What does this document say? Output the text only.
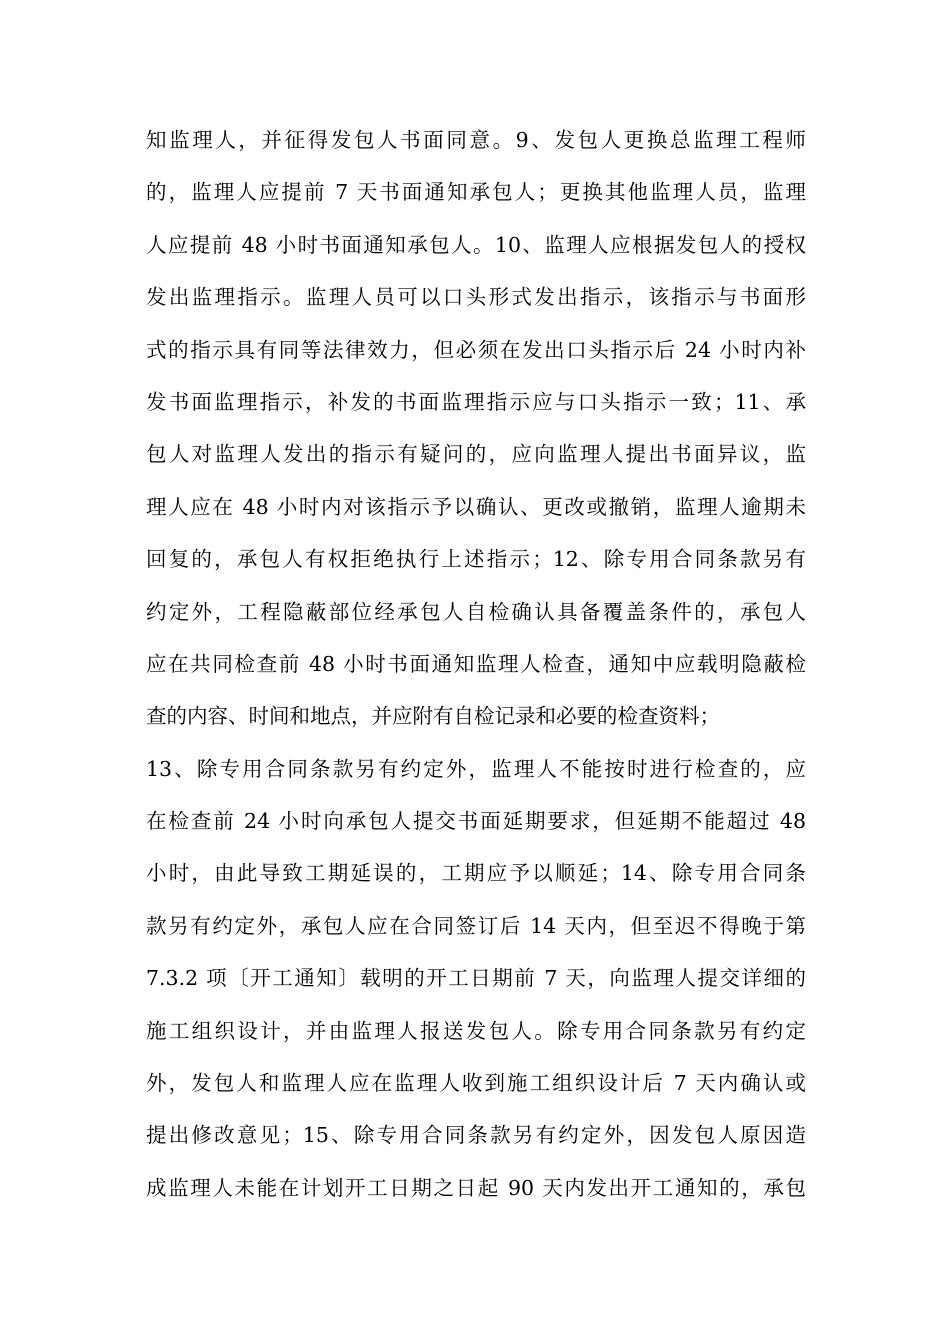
知监理人，并征得发包人书面同意。9、发包人更换总监理工程师
的，监理人应提前 7 天书面通知承包人；更换其他监理人员，监理
人应提前 48 小时书面通知承包人。10、监理人应根据发包人的授权
发出监理指示。监理人员可以口头形式发出指示，该指示与书面形
式的指示具有同等法律效力，但必须在发出口头指示后 24 小时内补
发书面监理指示，补发的书面监理指示应与口头指示一致；11、承
包人对监理人发出的指示有疑问的，应向监理人提出书面异议，监
理人应在 48 小时内对该指示予以确认、更改或撤销，监理人逾期未
回复的，承包人有权拒绝执行上述指示；12、除专用合同条款另有
约定外，工程隐蔽部位经承包人自检确认具备覆盖条件的，承包人
应在共同检查前 48 小时书面通知监理人检查，通知中应载明隐蔽检
查的内容、时间和地点，并应附有自检记录和必要的检查资料；
13、除专用合同条款另有约定外，监理人不能按时进行检查的，应
在检查前 24 小时向承包人提交书面延期要求，但延期不能超过 48
小时，由此导致工期延误的，工期应予以顺延；14、除专用合同条
款另有约定外，承包人应在合同签订后 14 天内，但至迟不得晚于第
7.3.2 项〔开工通知〕载明的开工日期前 7 天，向监理人提交详细的
施工组织设计，并由监理人报送发包人。除专用合同条款另有约定
外，发包人和监理人应在监理人收到施工组织设计后 7 天内确认或
提出修改意见；15、除专用合同条款另有约定外，因发包人原因造
成监理人未能在计划开工日期之日起 90 天内发出开工通知的，承包
